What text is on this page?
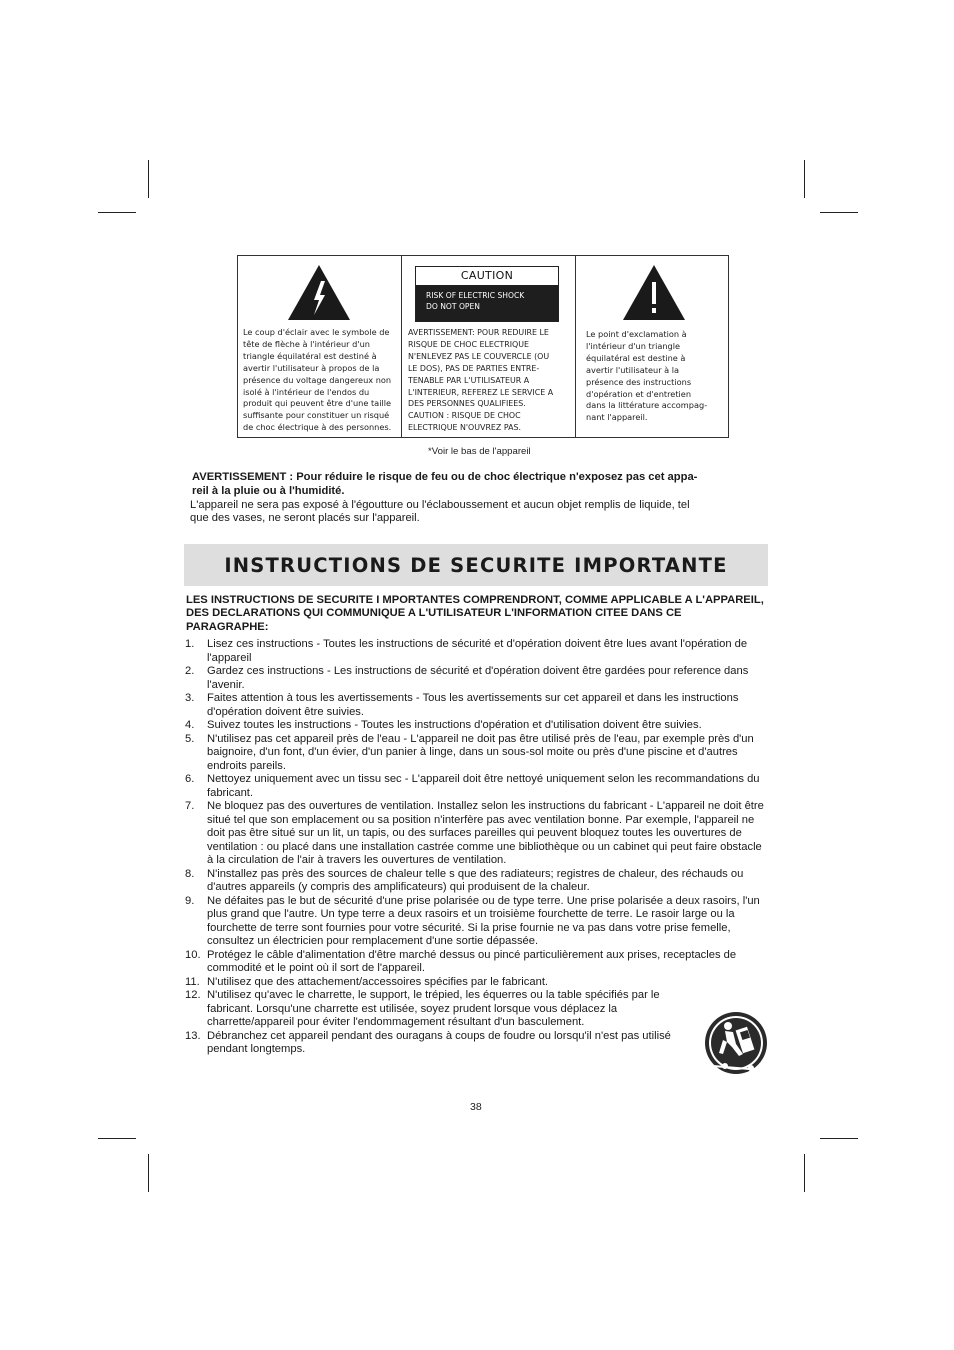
Le coup d'éclair avec le symbole de
tête de flèche à l'intérieur d'un
triangle équilatéral est destiné à
avertir l'utilisateur à propos de la
présence du voltage dangereux non
isolé à l'intérieur de l'endos du
produit qui peuvent être d'une taille
suffisante pour constituer un risqué
de choc électrique à des personnes.
CAUTION
RISK OF ELECTRIC SHOCK
DO NOT OPEN
AVERTISSEMENT: POUR REDUIRE LE
RISQUE DE CHOC ELECTRIQUE
N'ENLEVEZ PAS LE COUVERCLE (OU
LE DOS), PAS DE PARTIES ENTRE-
TENABLE PAR L'UTILISATEUR A
L'INTERIEUR, REFEREZ LE SERVICE A
DES PERSONNES QUALIFIEES.
CAUTION : RISQUE DE CHOC
ELECTRIQUE N'OUVREZ PAS.
Le point d'exclamation à
l'intérieur d'un triangle
équilatéral est destine à
avertir l'utilisateur à la
présence des instructions
d'opération et d'entretien
dans la littérature accompag-
nant l'appareil.
*Voir le bas de l'appareil
AVERTISSEMENT : Pour réduire le risque de feu ou de choc électrique n'exposez pas cet appa-
reil à la pluie ou à l'humidité.
L'appareil ne sera pas exposé à l'égoutture ou l'éclaboussement et aucun objet remplis de liquide, tel
que des vases, ne seront placés sur l'appareil.
INSTRUCTIONS DE SECURITE IMPORTANTE
LES INSTRUCTIONS DE SECURITE I MPORTANTES COMPRENDRONT, COMME APPLICABLE A L'APPAREIL, DES DECLARATIONS QUI COMMUNIQUE A L'UTILISATEUR L'INFORMATION CITEE DANS CE PARAGRAPHE:
1. Lisez ces instructions - Toutes les instructions de sécurité et d'opération doivent être lues avant l'opération de l'appareil
2. Gardez ces instructions - Les instructions de sécurité et d'opération doivent être gardées pour reference dans l'avenir.
3. Faites attention à tous les avertissements - Tous les avertissements sur cet appareil et dans les instructions d'opération doivent être suivies.
4. Suivez toutes les instructions - Toutes les instructions d'opération et d'utilisation doivent être suivies.
5. N'utilisez pas cet appareil près de l'eau - L'appareil ne doit pas être utilisé près de l'eau, par exemple près d'un baignoire, d'un font, d'un évier, d'un panier à linge, dans un sous-sol moite ou près d'une piscine et d'autres endroits pareils.
6. Nettoyez uniquement avec un tissu sec - L'appareil doit être nettoyé uniquement selon les recommandations du fabricant.
7. Ne bloquez pas des ouvertures de ventilation. Installez selon les instructions du fabricant - L'appareil ne doit être situé tel que son emplacement ou sa position n'interfère pas avec ventilation bonne. Par exemple, l'appareil ne doit pas être situé sur un lit, un tapis, ou des surfaces pareilles qui peuvent bloquez toutes les ouvertures de ventilation : ou placé dans une installation castrée comme une bibliothèque ou un cabinet qui peut faire obstacle à la circulation de l'air à travers les ouvertures de ventilation.
8. N'installez pas près des sources de chaleur telle s que des radiateurs; registres de chaleur, des réchauds ou d'autres appareils (y compris des amplificateurs) qui produisent de la chaleur.
9. Ne défaites pas le but de sécurité d'une prise polarisée ou de type terre. Une prise polarisée a deux rasoirs, l'un plus grand que l'autre. Un type terre a deux rasoirs et un troisième fourchette de terre. Le rasoir large ou la fourchette de terre sont fournies pour votre sécurité. Si la prise fournie ne va pas dans votre prise femelle, consultez un électricien pour remplacement d'une sortie dépassée.
10. Protégez le câble d'alimentation d'être marché dessus ou pincé particulièrement aux prises, receptacles de commodité et le point où il sort de l'appareil.
11. N'utilisez que des attachement/accessoires spécifies par le fabricant.
12. N'utilisez qu'avec le charrette, le support, le trépied, les équerres ou la table spécifiés par le fabricant. Lorsqu'une charrette est utilisée, soyez prudent lorsque vous déplacez la charrette/appareil pour éviter l'endommagement résultant d'un basculement.
13. Débranchez cet appareil pendant des ouragans à coups de foudre ou lorsqu'il n'est pas utilisé pendant longtemps.
38
